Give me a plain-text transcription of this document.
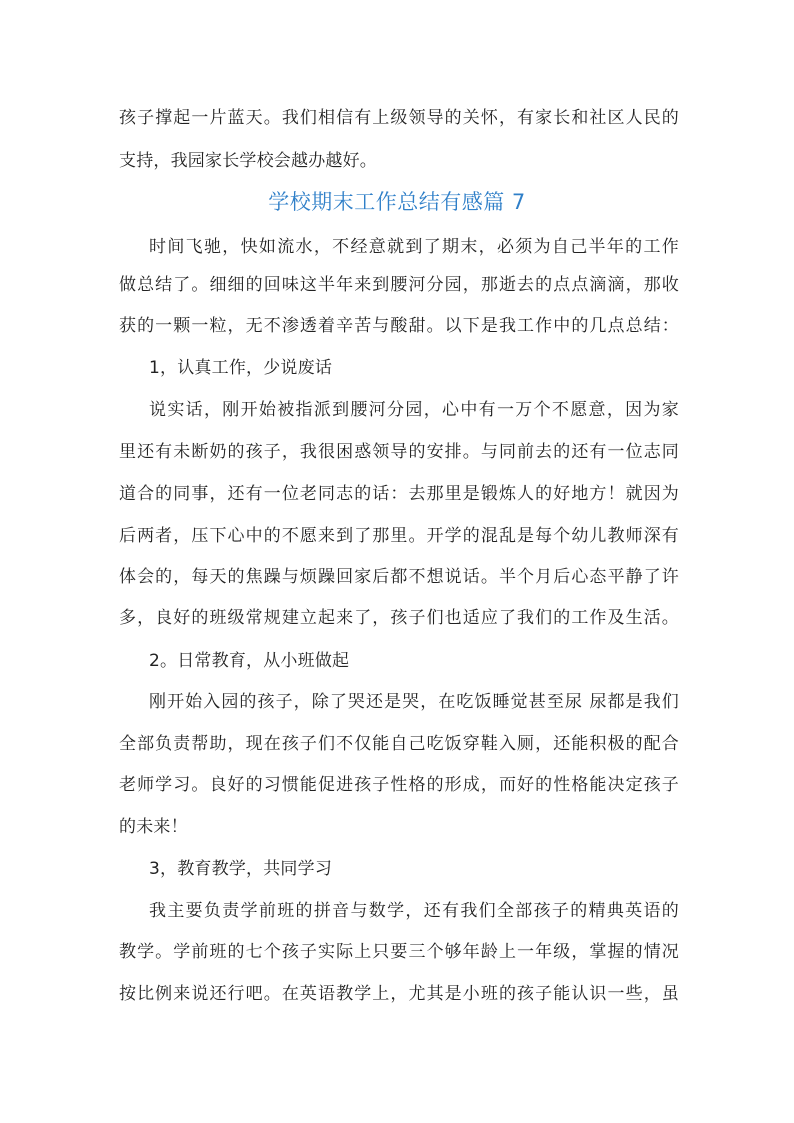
孩子撑起一片蓝天。我们相信有上级领导的关怀，有家长和社区人民的
支持，我园家长学校会越办越好。
学校期末工作总结有感篇 7
时间飞驰，快如流水，不经意就到了期末，必须为自己半年的工作
做总结了。细细的回味这半年来到腰河分园，那逝去的点点滴滴，那收
获的一颗一粒，无不渗透着辛苦与酸甜。以下是我工作中的几点总结：
1，认真工作，少说废话
说实话，刚开始被指派到腰河分园，心中有一万个不愿意，因为家
里还有未断奶的孩子，我很困惑领导的安排。与同前去的还有一位志同
道合的同事，还有一位老同志的话：去那里是锻炼人的好地方！就因为
后两者，压下心中的不愿来到了那里。开学的混乱是每个幼儿教师深有
体会的，每天的焦躁与烦躁回家后都不想说话。半个月后心态平静了许
多，良好的班级常规建立起来了，孩子们也适应了我们的工作及生活。
2。日常教育，从小班做起
刚开始入园的孩子，除了哭还是哭，在吃饭睡觉甚至尿 尿都是我们
全部负责帮助，现在孩子们不仅能自己吃饭穿鞋入厕，还能积极的配合
老师学习。良好的习惯能促进孩子性格的形成，而好的性格能决定孩子
的未来！
3，教育教学，共同学习
我主要负责学前班的拼音与数学，还有我们全部孩子的精典英语的
教学。学前班的七个孩子实际上只要三个够年龄上一年级，掌握的情况
按比例来说还行吧。在英语教学上，尤其是小班的孩子能认识一些，虽
